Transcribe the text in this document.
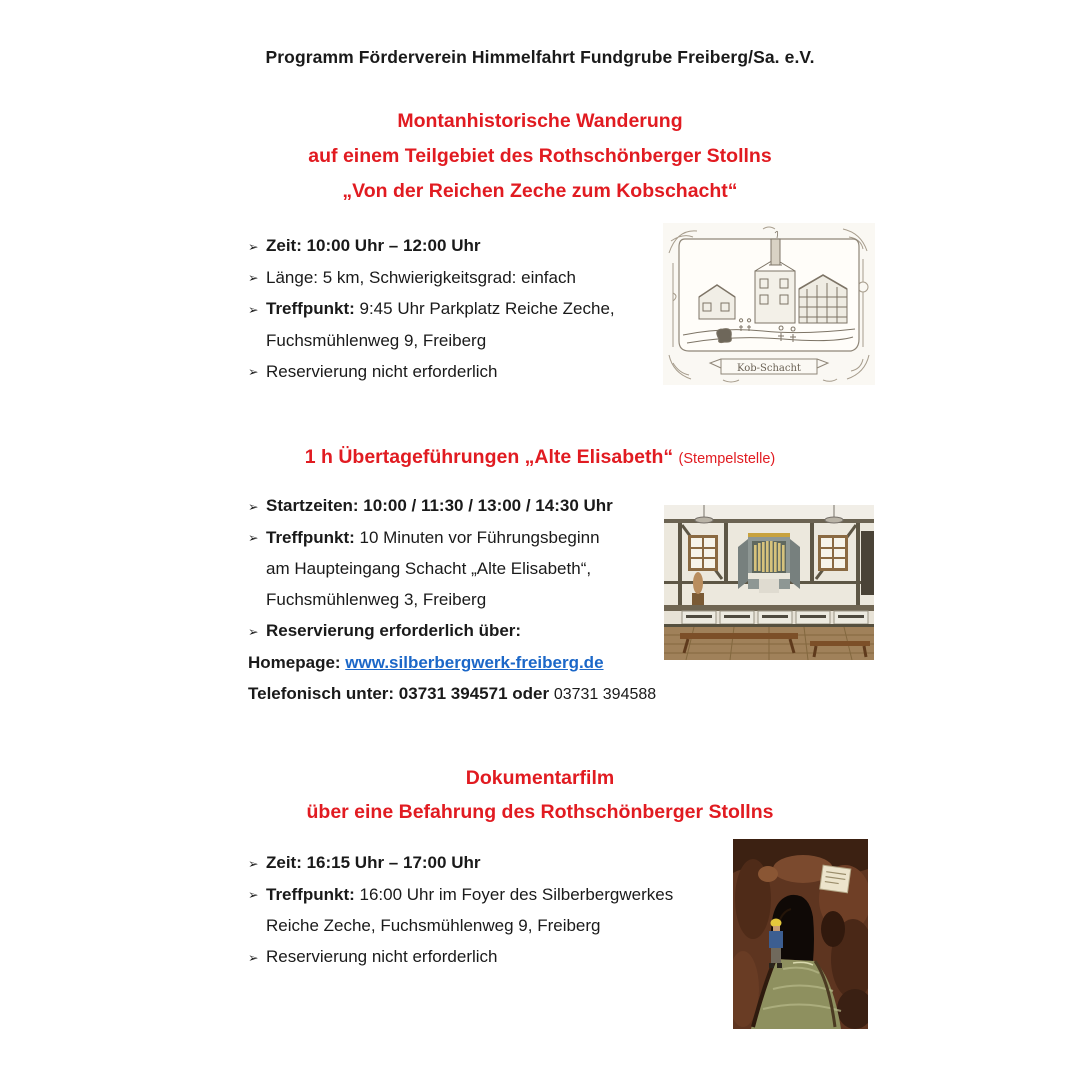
Programm Förderverein Himmelfahrt Fundgrube Freiberg/Sa. e.V.
Montanhistorische Wanderung
auf einem Teilgebiet des Rothschönberger Stollns
„Von der Reichen Zeche zum Kobschacht“
➢ Zeit: 10:00 Uhr – 12:00 Uhr
➢ Länge: 5 km, Schwierigkeitsgrad: einfach
➢ Treffpunkt: 9:45 Uhr Parkplatz Reiche Zeche,
Fuchsmühlenweg 9, Freiberg
➢ Reservierung nicht erforderlich	Kob-Schacht
1 h Übertageführungen „Alte Elisabeth“ (Stempelstelle)
➢ Startzeiten: 10:00 / 11:30 / 13:00 / 14:30 Uhr
➢ Treffpunkt: 10 Minuten vor Führungsbeginn
am Haupteingang Schacht „Alte Elisabeth“,
Fuchsmühlenweg 3, Freiberg
➢ Reservierung erforderlich über:
Homepage: www.silberbergwerk-freiberg.de
Telefonisch unter: 03731 394571 oder 03731 394588
Dokumentarfilm
über eine Befahrung des Rothschönberger Stollns
➢ Zeit: 16:15 Uhr – 17:00 Uhr
➢ Treffpunkt: 16:00 Uhr im Foyer des Silberbergwerkes
Reiche Zeche, Fuchsmühlenweg 9, Freiberg
➢ Reservierung nicht erforderlich
